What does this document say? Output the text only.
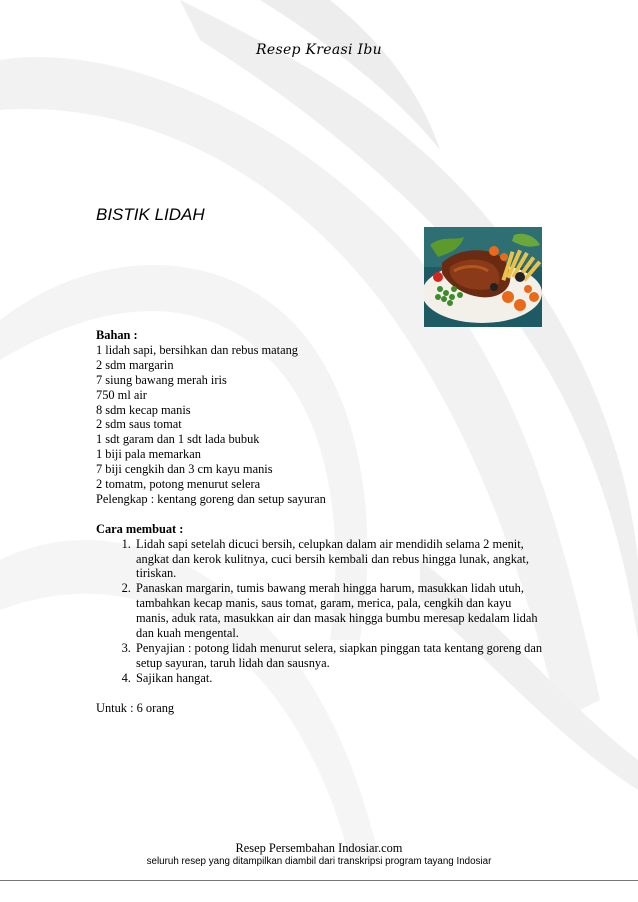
Resep Kreasi Ibu
BISTIK LIDAH

Bahan :

1 lidah sapi, bersihkan dan rebus matang

2 sdm margarin

7 siung bawang merah iris

750 ml air

8 sdm kecap manis

2 sdm saus tomat

1 sdt garam dan 1 sdt lada bubuk

1 biji pala memarkan

7 biji cengkih dan 3 cm kayu manis

2 tomatm, potong menurut selera

Pelengkap : kentang goreng dan setup sayuran

Cara membuat :

1. Lidah sapi setelah dicuci bersih, celupkan dalam air mendidih selama 2 menit, angkat dan kerok kulitnya, cuci bersih kembali dan rebus hingga lunak, angkat, tiriskan.
2. Panaskan margarin, tumis bawang merah hingga harum, masukkan lidah utuh, tambahkan kecap manis, saus tomat, garam, merica, pala, cengkih dan kayu manis, aduk rata, masukkan air dan masak hingga bumbu meresap kedalam lidah dan kuah mengental.
3. Penyajian : potong lidah menurut selera, siapkan pinggan tata kentang goreng dan setup sayuran, taruh lidah dan sausnya.
4. Sajikan hangat.

Untuk : 6 orang

Resep Persembahan Indosiar.com
seluruh resep yang ditampilkan diambil dari transkripsi program tayang Indosiar
